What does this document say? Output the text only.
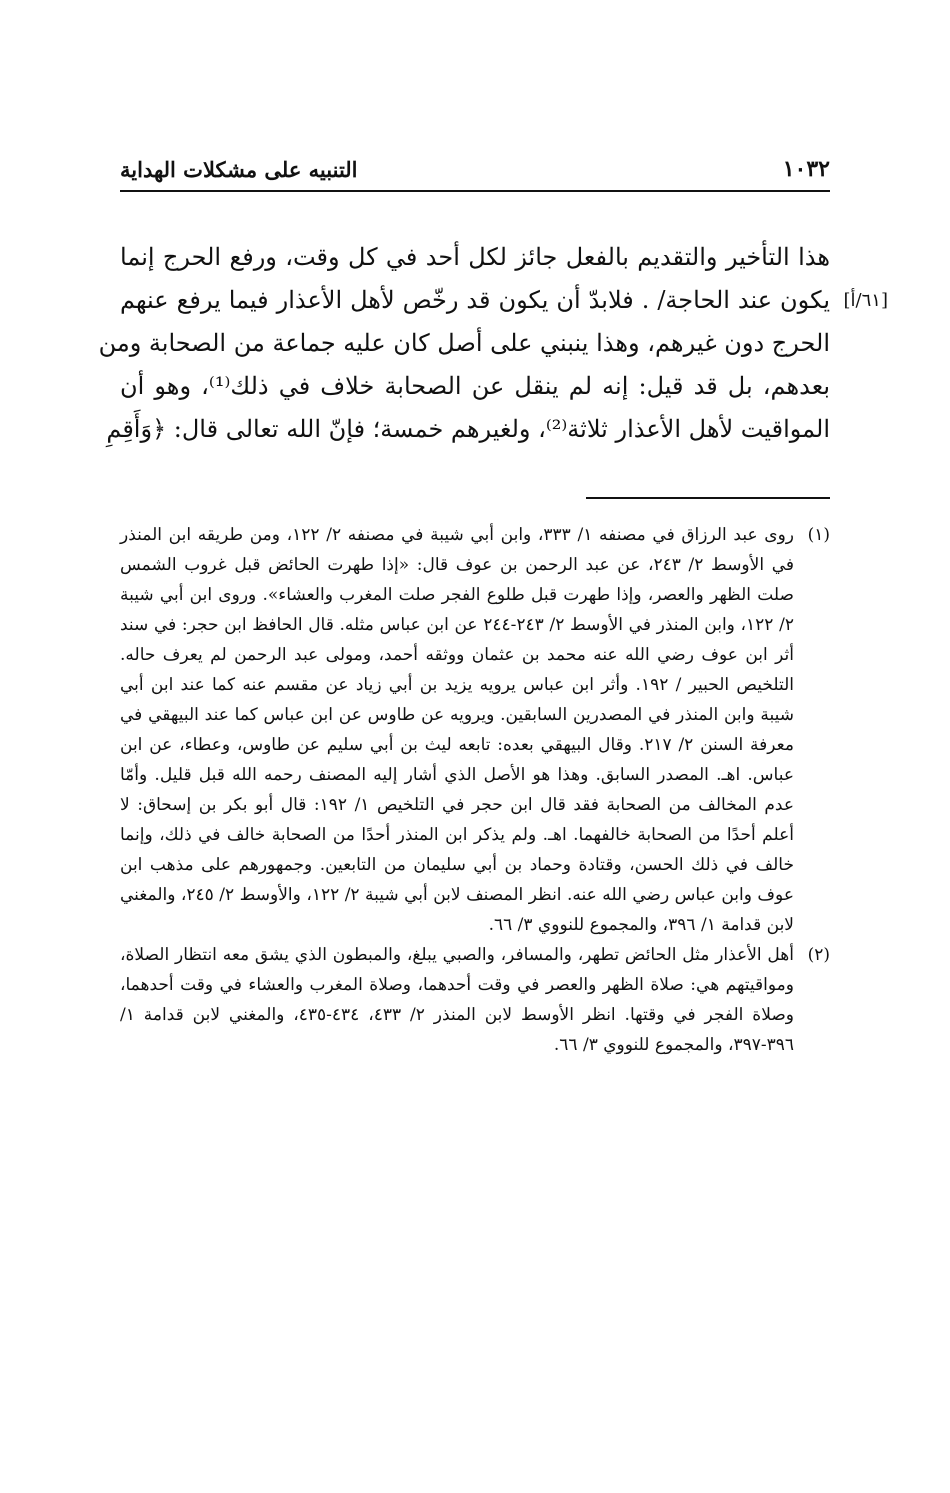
١٠٣٢
التنبيه على مشكلات الهداية
هذا التأخير والتقديم بالفعل جائز لكل أحد في كل وقت، ورفع الحرج إنما
يكون عند الحاجة/ . فلابدّ أن يكون قد رخّص لأهل الأعذار فيما يرفع عنهم [٦١/أ]
الحرج دون غيرهم، وهذا ينبني على أصل كان عليه جماعة من الصحابة ومن
بعدهم، بل قد قيل: إنه لم ينقل عن الصحابة خلاف في ذلك⁽¹⁾، وهو أن
المواقيت لأهل الأعذار ثلاثة⁽²⁾، ولغيرهم خمسة؛ فإنّ الله تعالى قال: ﴿وَأَقِمِ
(١)
روى عبد الرزاق في مصنفه ١/ ٣٣٣، وابن أبي شيبة في مصنفه ٢/ ١٢٢، ومن طريقه ابن المنذر في الأوسط ٢/ ٢٤٣، عن عبد الرحمن بن عوف قال: «إذا طهرت الحائض قبل غروب الشمس صلت الظهر والعصر، وإذا طهرت قبل طلوع الفجر صلت المغرب والعشاء». وروى ابن أبي شيبة ٢/ ١٢٢، وابن المنذر في الأوسط ٢/ ٢٤٣-٢٤٤ عن ابن عباس مثله. قال الحافظ ابن حجر: في سند أثر ابن عوف رضي الله عنه محمد بن عثمان ووثقه أحمد، ومولى عبد الرحمن لم يعرف حاله. التلخيص الحبير / ١٩٢. وأثر ابن عباس يرويه يزيد بن أبي زياد عن مقسم عنه كما عند ابن أبي شيبة وابن المنذر في المصدرين السابقين. ويرويه عن طاوس عن ابن عباس كما عند البيهقي في معرفة السنن ٢/ ٢١٧. وقال البيهقي بعده: تابعه ليث بن أبي سليم عن طاوس، وعطاء، عن ابن عباس. اهـ. المصدر السابق. وهذا هو الأصل الذي أشار إليه المصنف رحمه الله قبل قليل. وأمّا عدم المخالف من الصحابة فقد قال ابن حجر في التلخيص ١/ ١٩٢: قال أبو بكر بن إسحاق: لا أعلم أحدًا من الصحابة خالفهما. اهـ. ولم يذكر ابن المنذر أحدًا من الصحابة خالف في ذلك، وإنما خالف في ذلك الحسن، وقتادة وحماد بن أبي سليمان من التابعين. وجمهورهم على مذهب ابن عوف وابن عباس رضي الله عنه. انظر المصنف لابن أبي شيبة ٢/ ١٢٢، والأوسط ٢/ ٢٤٥، والمغني لابن قدامة ١/ ٣٩٦، والمجموع للنووي ٣/ ٦٦.
(٢)
أهل الأعذار مثل الحائض تطهر، والمسافر، والصبي يبلغ، والمبطون الذي يشق معه انتظار الصلاة، ومواقيتهم هي: صلاة الظهر والعصر في وقت أحدهما، وصلاة المغرب والعشاء في وقت أحدهما، وصلاة الفجر في وقتها. انظر الأوسط لابن المنذر ٢/ ٤٣٣، ٤٣٤-٤٣٥، والمغني لابن قدامة ١/ ٣٩٦-٣٩٧، والمجموع للنووي ٣/ ٦٦.
